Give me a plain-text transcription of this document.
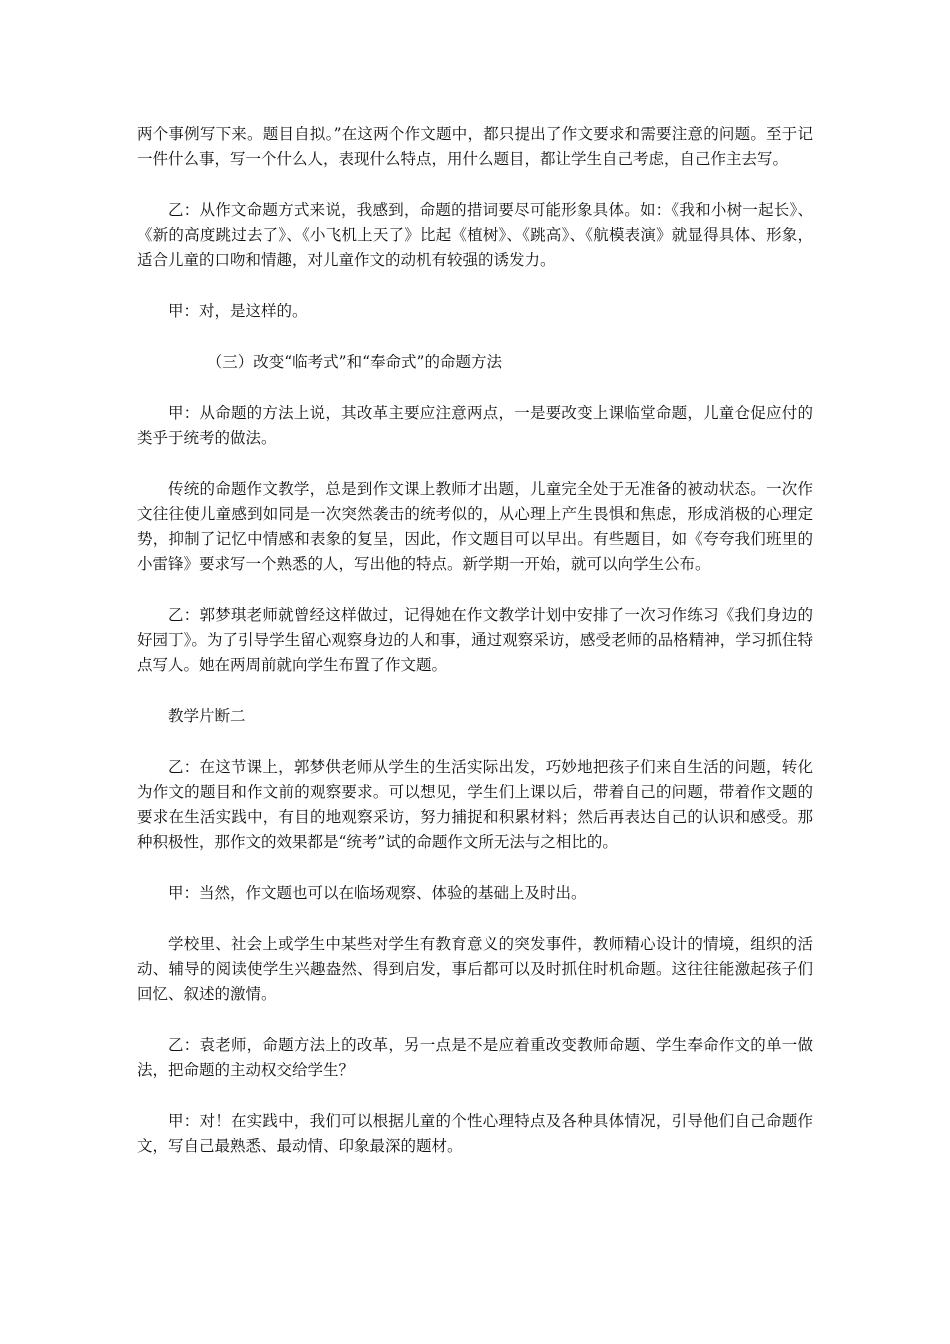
两个事例写下来。题目自拟。”在这两个作文题中，都只提出了作文要求和需要注意的问题。至于记一件什么事，写一个什么人，表现什么特点，用什么题目，都让学生自己考虑，自己作主去写。

乙：从作文命题方式来说，我感到，命题的措词要尽可能形象具体。如：《我和小树一起长》、《新的高度跳过去了》、《小飞机上天了》比起《植树》、《跳高》、《航模表演》就显得具体、形象，适合儿童的口吻和情趣，对儿童作文的动机有较强的诱发力。

甲：对，是这样的。

（三）改变“临考式”和“奉命式”的命题方法

甲：从命题的方法上说，其改革主要应注意两点，一是要改变上课临堂命题，儿童仓促应付的类乎于统考的做法。

传统的命题作文教学，总是到作文课上教师才出题，儿童完全处于无准备的被动状态。一次作文往往使儿童感到如同是一次突然袭击的统考似的，从心理上产生畏惧和焦虑，形成消极的心理定势，抑制了记忆中情感和表象的复呈，因此，作文题目可以早出。有些题目，如《夸夸我们班里的小雷锋》要求写一个熟悉的人，写出他的特点。新学期一开始，就可以向学生公布。

乙：郭梦琪老师就曾经这样做过，记得她在作文教学计划中安排了一次习作练习《我们身边的好园丁》。为了引导学生留心观察身边的人和事，通过观察采访，感受老师的品格精神，学习抓住特点写人。她在两周前就向学生布置了作文题。

教学片断二

乙：在这节课上，郭梦供老师从学生的生活实际出发，巧妙地把孩子们来自生活的问题，转化为作文的题目和作文前的观察要求。可以想见，学生们上课以后，带着自己的问题，带着作文题的要求在生活实践中，有目的地观察采访，努力捕捉和积累材料；然后再表达自己的认识和感受。那种积极性，那作文的效果都是“统考”试的命题作文所无法与之相比的。

甲：当然，作文题也可以在临场观察、体验的基础上及时出。

学校里、社会上或学生中某些对学生有教育意义的突发事件，教师精心设计的情境，组织的活动、辅导的阅读使学生兴趣盎然、得到启发，事后都可以及时抓住时机命题。这往往能激起孩子们回忆、叙述的激情。

乙：袁老师，命题方法上的改革，另一点是不是应着重改变教师命题、学生奉命作文的单一做法，把命题的主动权交给学生？

甲：对！在实践中，我们可以根据儿童的个性心理特点及各种具体情况，引导他们自己命题作文，写自己最熟悉、最动情、印象最深的题材。
